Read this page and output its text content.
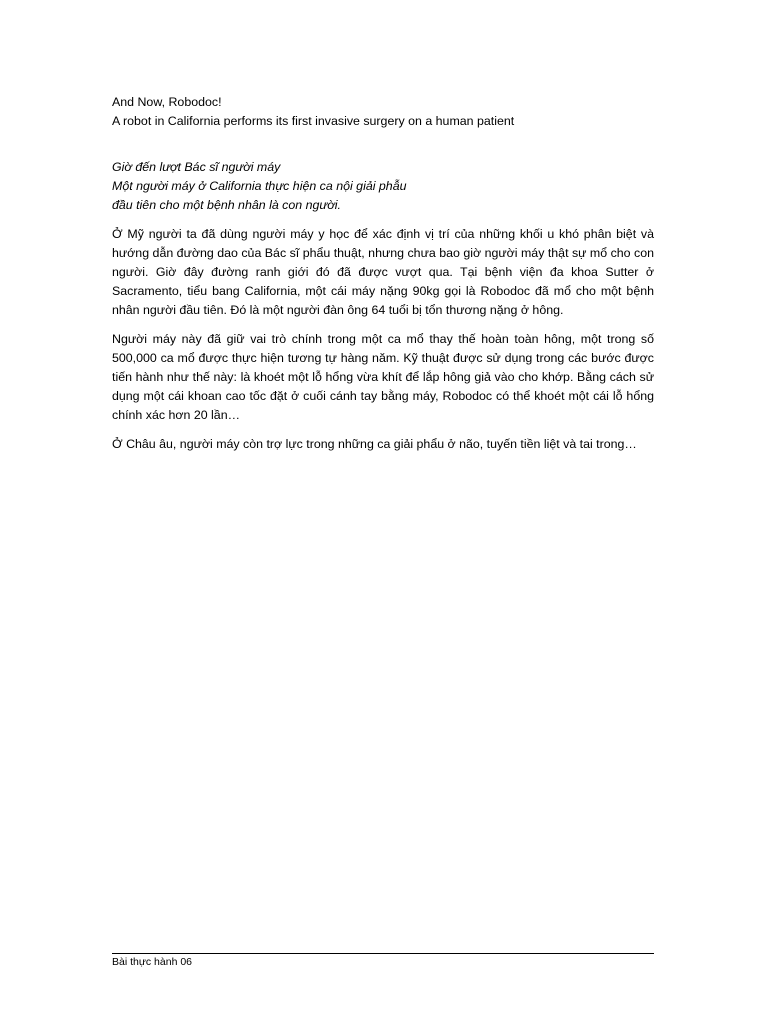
And Now, Robodoc!

A robot in California performs its first invasive surgery on a human patient

Giờ đến lượt Bác sĩ người máy

Một người máy ở California thực hiện ca nội giải phẫu

đầu tiên cho một bệnh nhân là con người.

Ở Mỹ người ta đã dùng người máy y học để xác định vị trí của những khối u khó phân biệt và hướng dẫn đường dao của Bác sĩ phẩu thuật, nhưng chưa bao giờ người máy thật sự mổ cho con người. Giờ đây đường ranh giới đó đã được vượt qua. Tại bệnh viện đa khoa Sutter ở Sacramento, tiểu bang California, một cái máy nặng 90kg gọi là Robodoc đã mổ cho một bệnh nhân người đầu tiên. Đó là một người đàn ông 64 tuổi bị tổn thương nặng ở hông.

Người máy này đã giữ vai trò chính trong một ca mổ thay thế hoàn toàn hông, một trong số 500,000 ca mổ được thực hiện tương tự hàng năm. Kỹ thuật được sử dụng trong các bước được tiến hành như thế này: là khoét một lỗ hổng vừa khít để lắp hông giả vào cho khớp. Bằng cách sử dụng một cái khoan cao tốc đặt ở cuối cánh tay bằng máy, Robodoc có thể khoét một cái lỗ hổng chính xác hơn 20 lần…

Ở Châu âu, người máy còn trợ lực trong những ca giải phẩu ở não, tuyến tiền liệt và tai trong…

Bài thực hành 06
